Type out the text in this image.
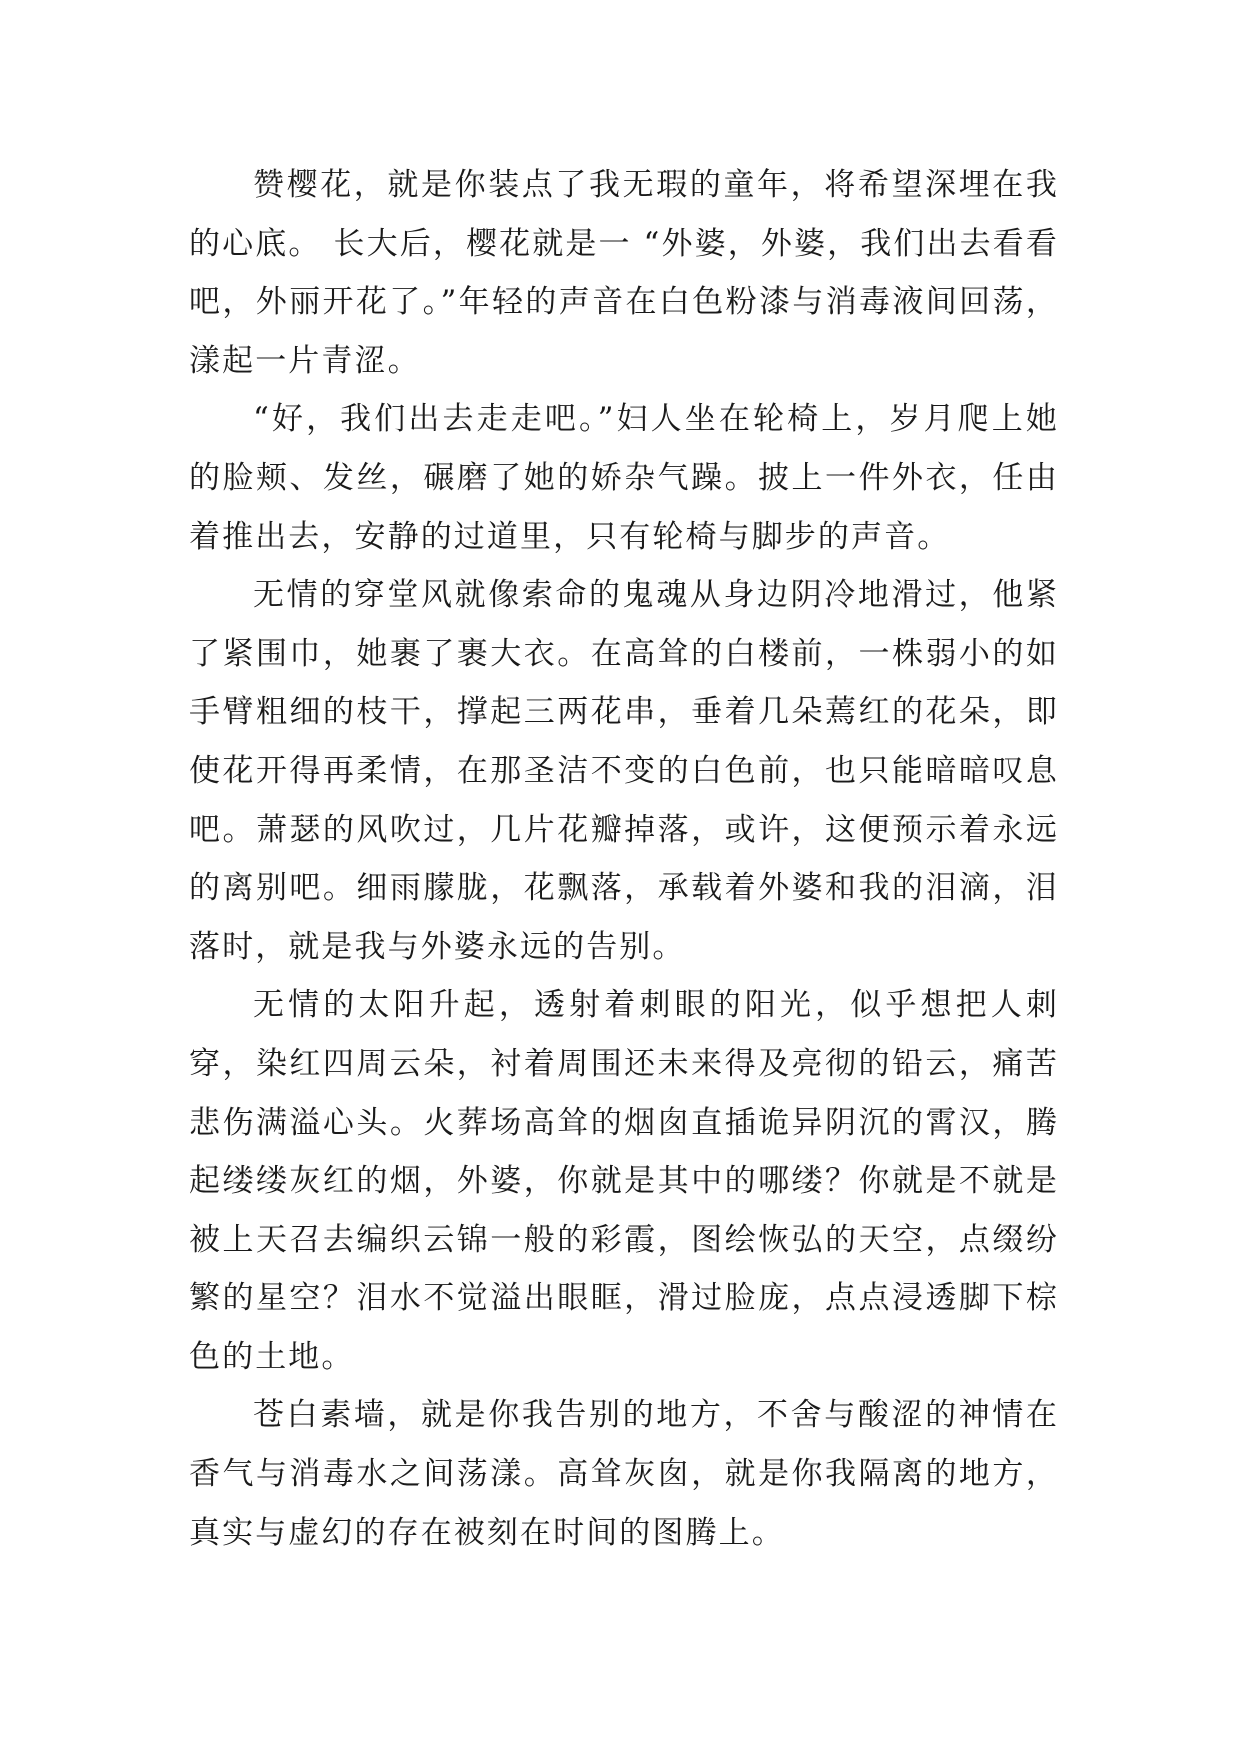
赞樱花，就是你装点了我无瑕的童年，将希望深埋在我的心底。 长大后，樱花就是一 “外婆，外婆，我们出去看看吧，外丽开花了。”年轻的声音在白色粉漆与消毒液间回荡，漾起一片青涩。

“好，我们出去走走吧。”妇人坐在轮椅上，岁月爬上她的脸颊、发丝，碾磨了她的娇杂气躁。披上一件外衣，任由着推出去，安静的过道里，只有轮椅与脚步的声音。

无情的穿堂风就像索命的鬼魂从身边阴冷地滑过，他紧了紧围巾，她裹了裹大衣。在高耸的白楼前，一株弱小的如手臂粗细的枝干，撑起三两花串，垂着几朵蔫红的花朵，即使花开得再柔情，在那圣洁不变的白色前，也只能暗暗叹息吧。萧瑟的风吹过，几片花瓣掉落，或许，这便预示着永远的离别吧。细雨朦胧，花飘落，承载着外婆和我的泪滴，泪落时，就是我与外婆永远的告别。

无情的太阳升起，透射着刺眼的阳光，似乎想把人刺穿，染红四周云朵，衬着周围还未来得及亮彻的铅云，痛苦悲伤满溢心头。火葬场高耸的烟囱直插诡异阴沉的霄汉，腾起缕缕灰红的烟，外婆，你就是其中的哪缕？你就是不就是被上天召去编织云锦一般的彩霞，图绘恢弘的天空，点缀纷繁的星空？泪水不觉溢出眼眶，滑过脸庞，点点浸透脚下棕色的土地。

苍白素墙，就是你我告别的地方，不舍与酸涩的神情在香气与消毒水之间荡漾。高耸灰囱，就是你我隔离的地方，真实与虚幻的存在被刻在时间的图腾上。
